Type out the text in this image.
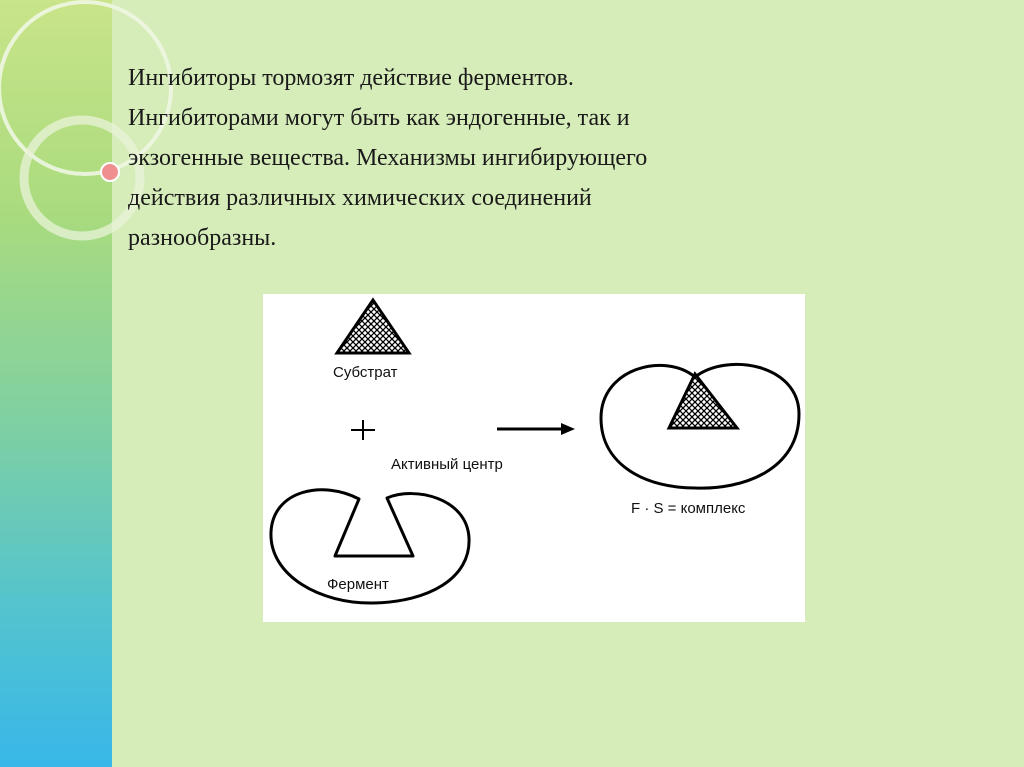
Ингибиторы тормозят действие ферментов.
Ингибиторами могут быть как эндогенные, так и
экзогенные вещества. Механизмы ингибирующего
действия различных химических соединений
разнообразны.

Субстрат
Активный центр
F · S = комплекс
Фермент
